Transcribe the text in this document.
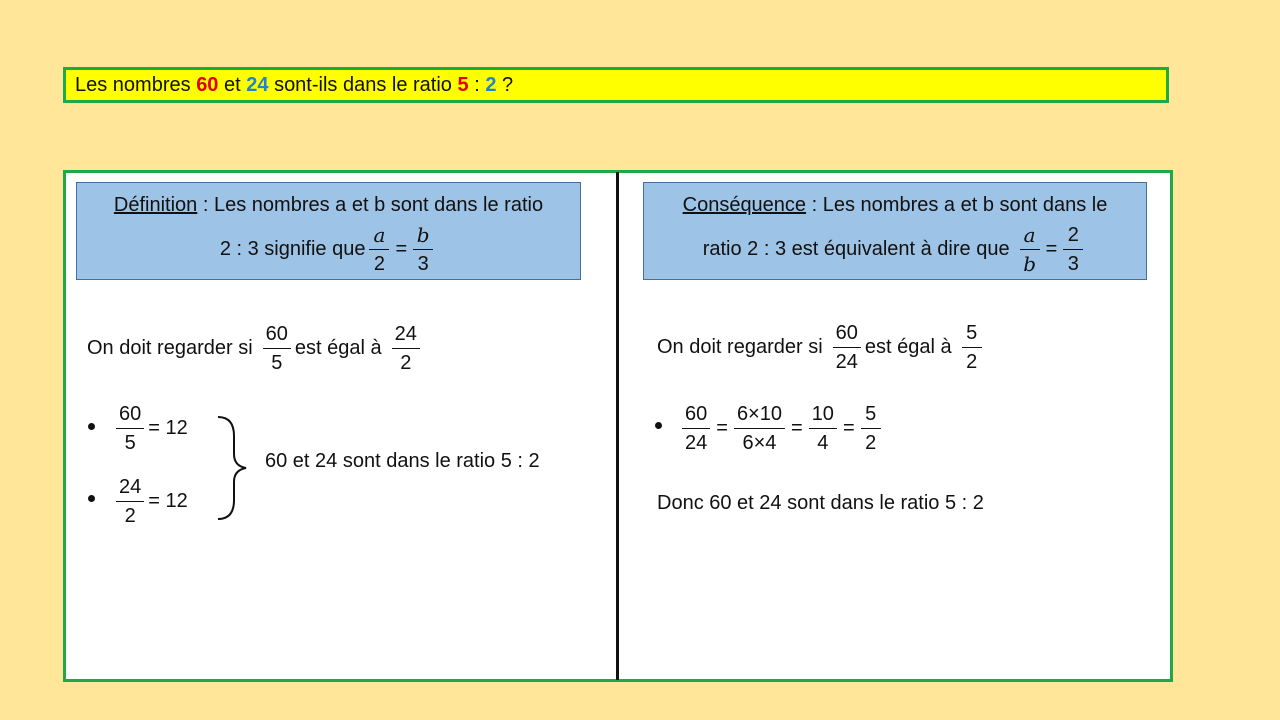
Les nombres 60 et 24 sont-ils dans le ratio 5 : 2 ?
Définition : Les nombres a et b sont dans le ratio
2 : 3 signifie que $\frac{a}{2} = \frac{b}{3}$
On doit regarder si $\frac{60}{5}$ est égal à $\frac{24}{2}$
$\frac{60}{5} = 12$
$\frac{24}{2} = 12$
60 et 24 sont dans le ratio 5 : 2
Conséquence : Les nombres a et b sont dans le
ratio 2 : 3 est équivalent à dire que $\frac{a}{b} = \frac{2}{3}$
On doit regarder si $\frac{60}{24}$ est égal à $\frac{5}{2}$
$\frac{60}{24} = \frac{6\times 10}{6\times 4} = \frac{10}{4} = \frac{5}{2}$
Donc 60 et 24 sont dans le ratio 5 : 2
